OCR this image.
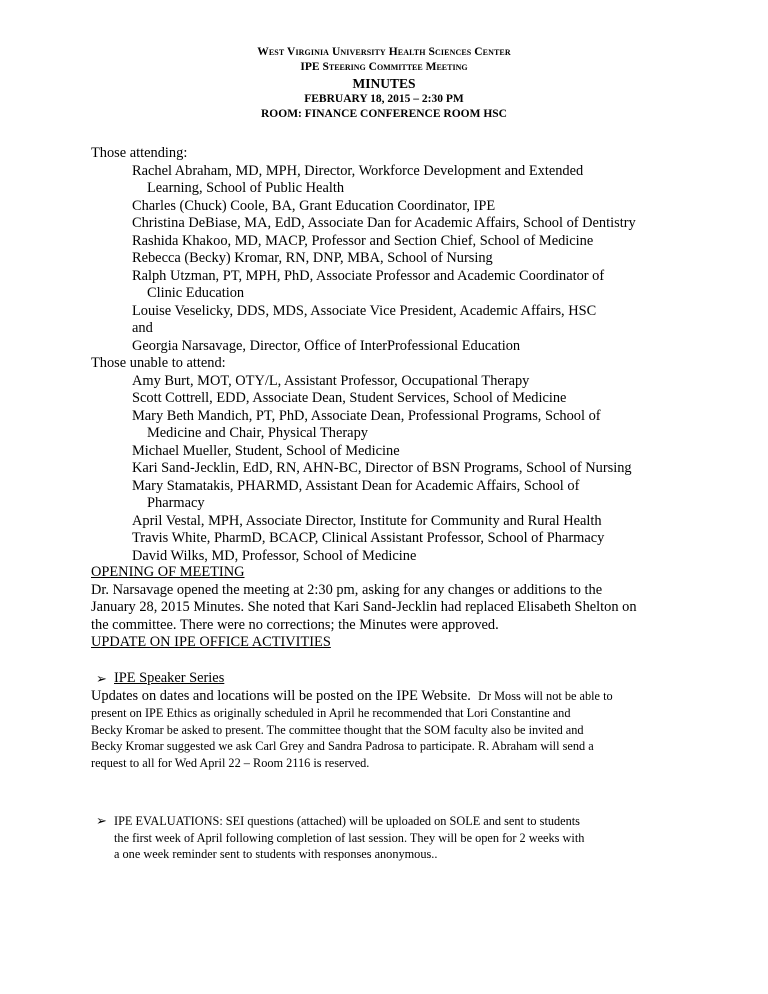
West Virginia University Health Sciences Center
IPE Steering Committee Meeting
MINUTES
FEBRUARY 18, 2015 – 2:30 PM
ROOM: FINANCE CONFERENCE ROOM HSC
Those attending:
Rachel Abraham, MD, MPH, Director, Workforce Development and Extended
Learning, School of Public Health
Charles (Chuck) Coole, BA, Grant Education Coordinator, IPE
Christina DeBiase, MA, EdD, Associate Dan for Academic Affairs, School of Dentistry
Rashida Khakoo, MD, MACP, Professor and Section Chief, School of Medicine
Rebecca (Becky) Kromar, RN, DNP, MBA, School of Nursing
Ralph Utzman, PT, MPH, PhD, Associate Professor and Academic Coordinator of
Clinic Education
Louise Veselicky, DDS, MDS, Associate Vice President, Academic Affairs, HSC
and
Georgia Narsavage, Director, Office of InterProfessional Education
Those unable to attend:
Amy Burt, MOT, OTY/L, Assistant Professor, Occupational Therapy
Scott Cottrell, EDD, Associate Dean, Student Services, School of Medicine
Mary Beth Mandich, PT, PhD, Associate Dean, Professional Programs, School of
Medicine and Chair, Physical Therapy
Michael Mueller, Student, School of Medicine
Kari Sand-Jecklin, EdD, RN, AHN-BC, Director of BSN Programs, School of Nursing
Mary Stamatakis, PHARMD, Assistant Dean for Academic Affairs, School of
Pharmacy
April Vestal, MPH, Associate Director, Institute for Community and Rural Health
Travis White, PharmD, BCACP, Clinical Assistant Professor, School of Pharmacy
David Wilks, MD, Professor, School of Medicine
OPENING OF MEETING
Dr. Narsavage opened the meeting at 2:30 pm, asking for any changes or additions to the
January 28, 2015 Minutes. She noted that Kari Sand-Jecklin had replaced Elisabeth Shelton on
the committee. There were no corrections; the Minutes were approved.
UPDATE ON IPE OFFICE ACTIVITIES
➢ IPE Speaker Series
Updates on dates and locations will be posted on the IPE Website. Dr Moss will not be able to
present on IPE Ethics as originally scheduled in April he recommended that Lori Constantine and
Becky Kromar be asked to present. The committee thought that the SOM faculty also be invited and
Becky Kromar suggested we ask Carl Grey and Sandra Padrosa to participate. R. Abraham will send a
request to all for Wed April 22 – Room 2116 is reserved.
➢ IPE EVALUATIONS: SEI questions (attached) will be uploaded on SOLE and sent to students
the first week of April following completion of last session. They will be open for 2 weeks with
a one week reminder sent to students with responses anonymous..
